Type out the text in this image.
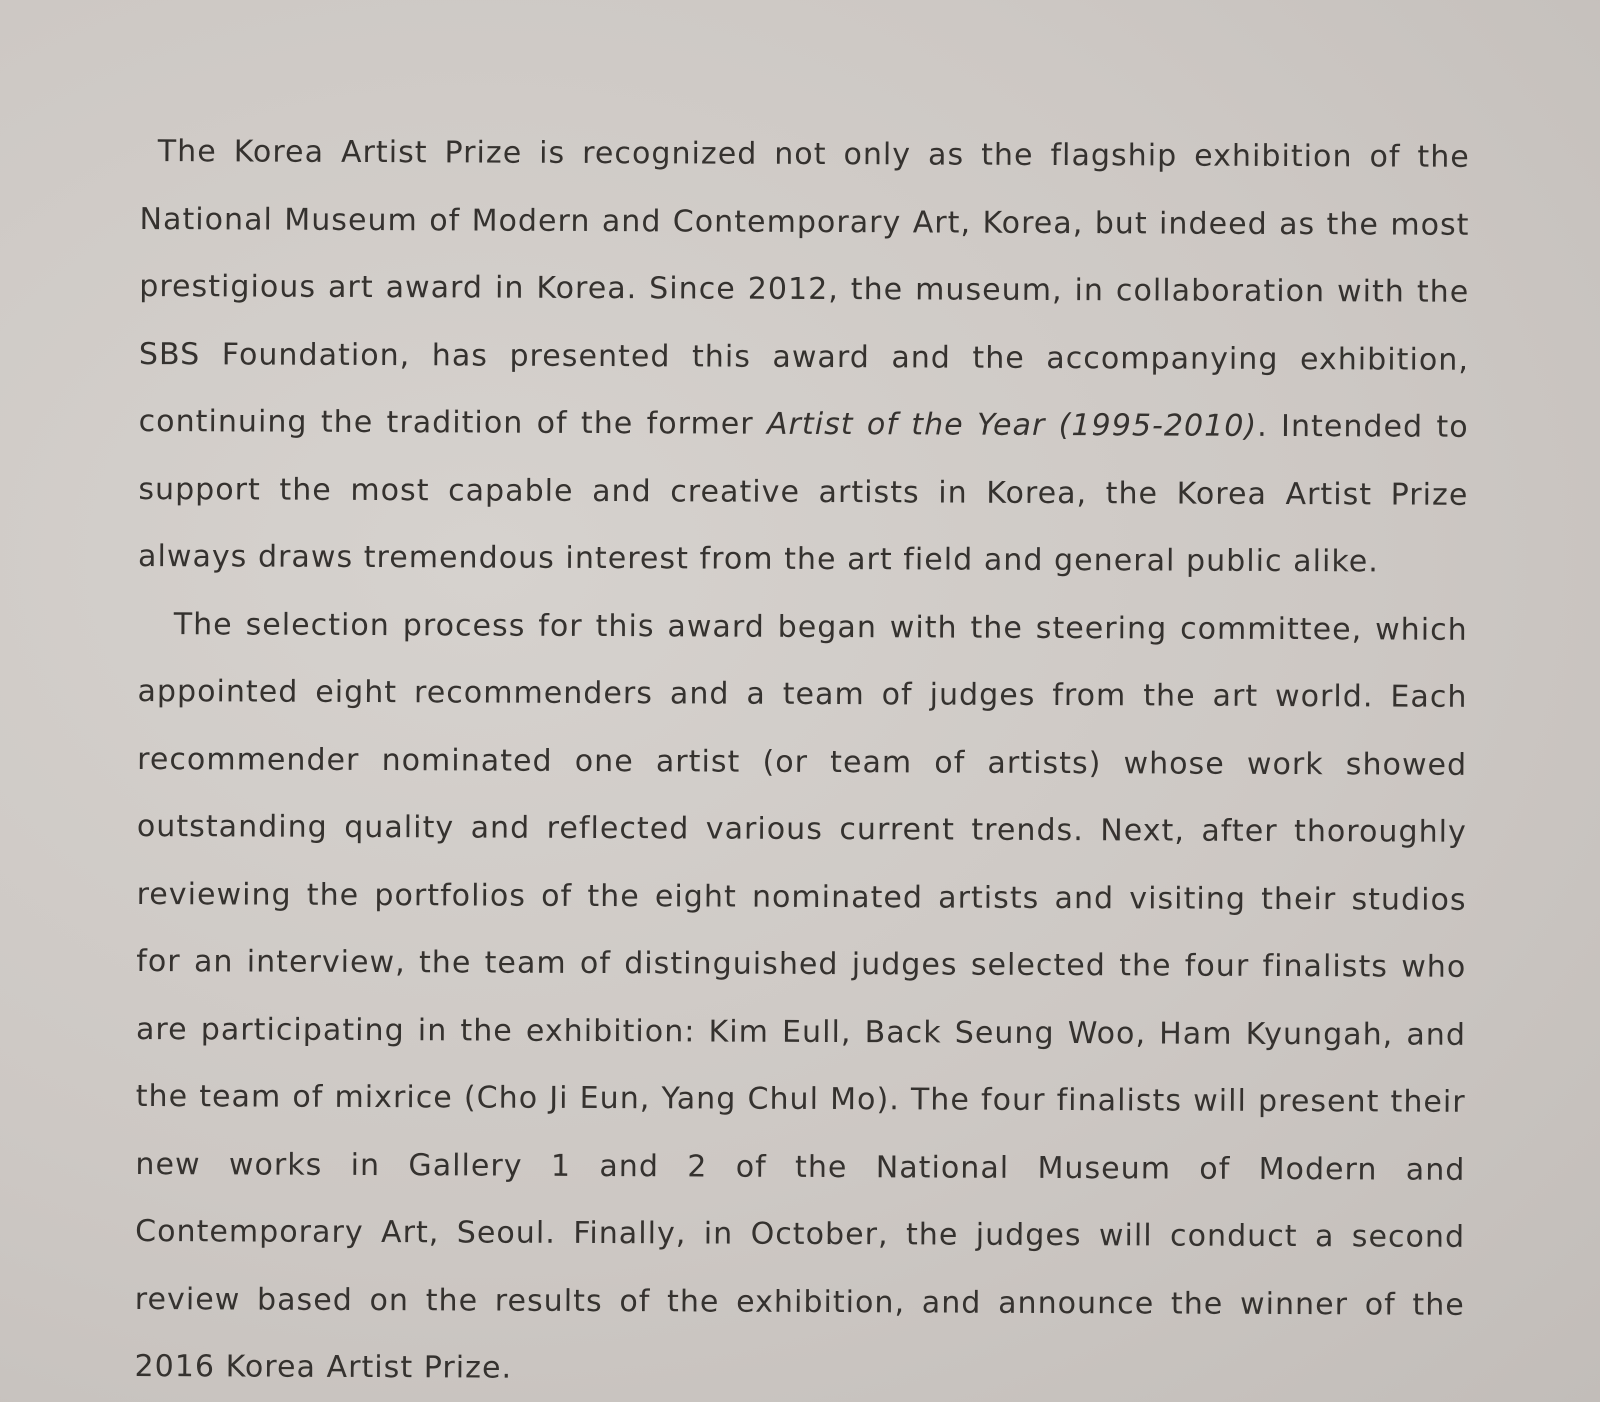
The Korea Artist Prize is recognized not only as the flagship exhibition of the National Museum of Modern and Contemporary Art, Korea, but indeed as the most prestigious art award in Korea. Since 2012, the museum, in collaboration with the SBS Foundation, has presented this award and the accompanying exhibition, continuing the tradition of the former Artist of the Year (1995-2010). Intended to support the most capable and creative artists in Korea, the Korea Artist Prize always draws tremendous interest from the art field and general public alike.

The selection process for this award began with the steering committee, which appointed eight recommenders and a team of judges from the art world. Each recommender nominated one artist (or team of artists) whose work showed outstanding quality and reflected various current trends. Next, after thoroughly reviewing the portfolios of the eight nominated artists and visiting their studios for an interview, the team of distinguished judges selected the four finalists who are participating in the exhibition: Kim Eull, Back Seung Woo, Ham Kyungah, and the team of mixrice (Cho Ji Eun, Yang Chul Mo). The four finalists will present their new works in Gallery 1 and 2 of the National Museum of Modern and Contemporary Art, Seoul. Finally, in October, the judges will conduct a second review based on the results of the exhibition, and announce the winner of the 2016 Korea Artist Prize.
